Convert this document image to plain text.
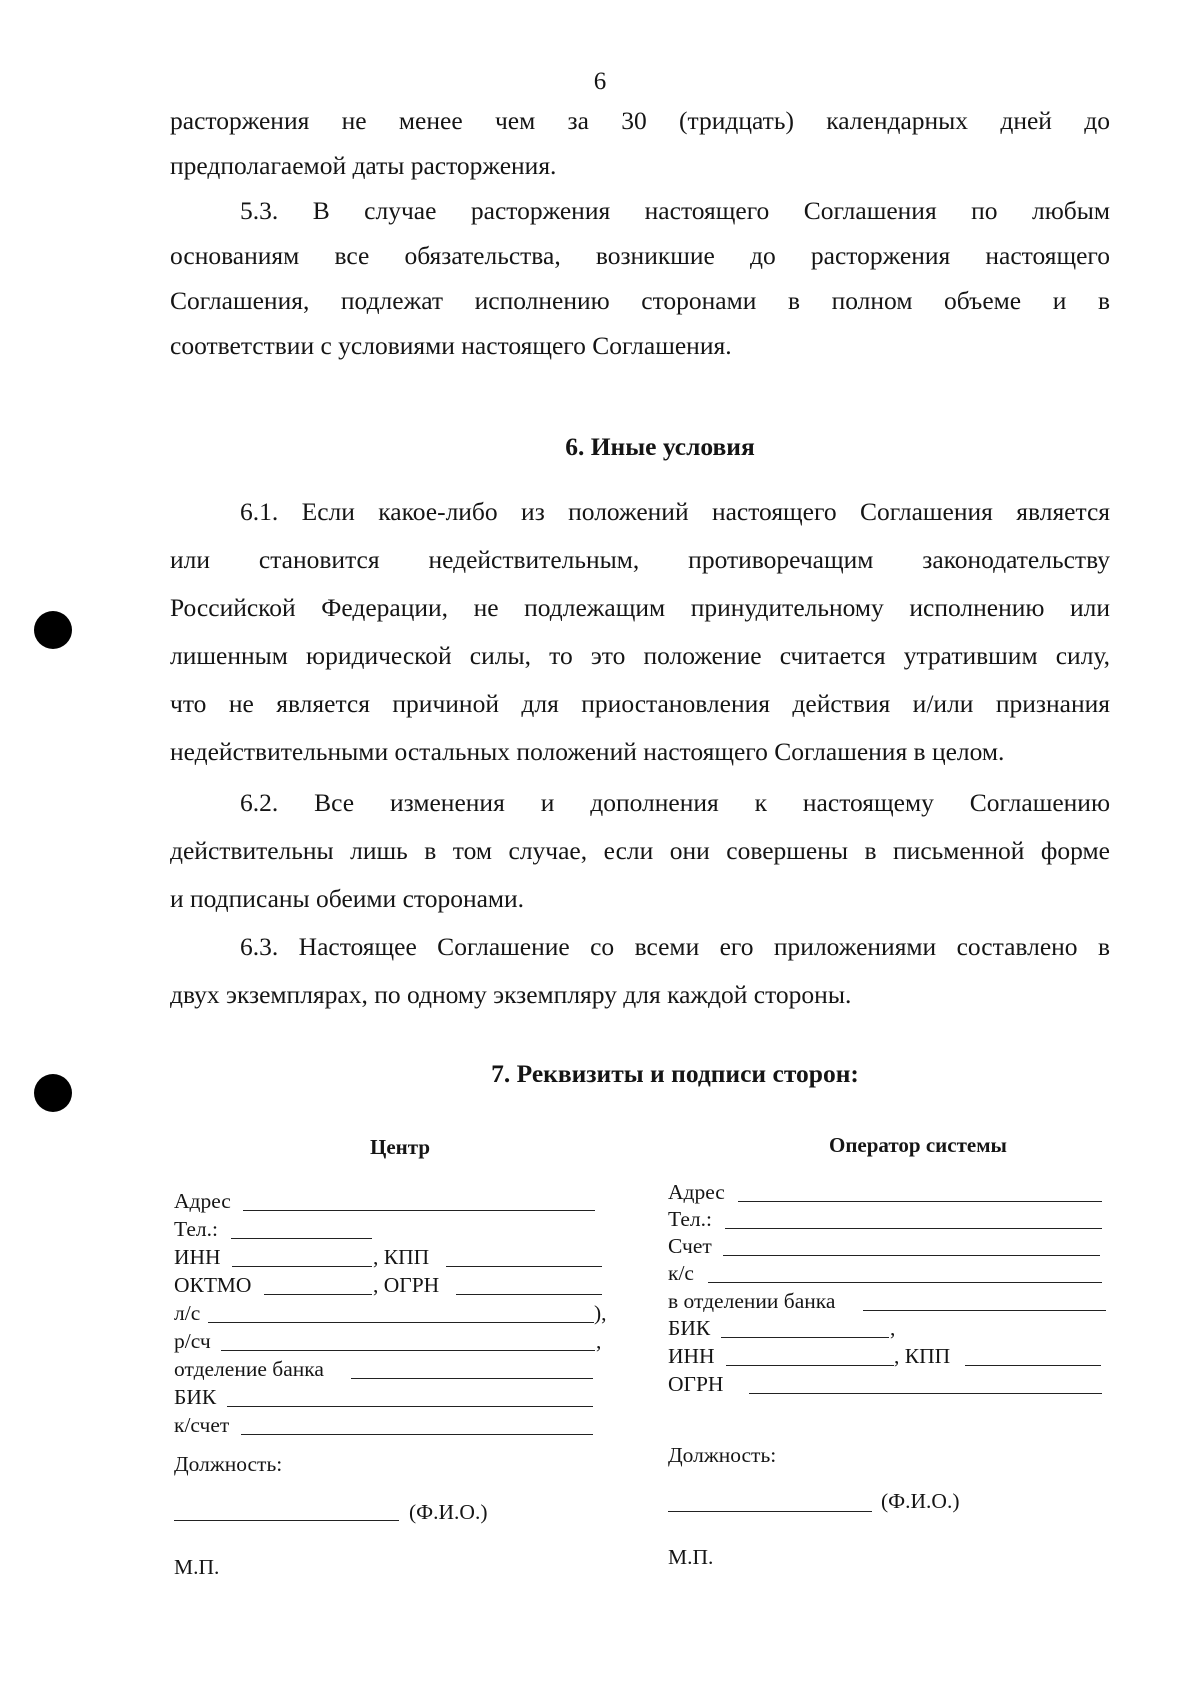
6
расторжения не менее чем за 30 (тридцать) календарных дней до
предполагаемой даты расторжения.
5.3. В случае расторжения настоящего Соглашения по любым
основаниям все обязательства, возникшие до расторжения настоящего
Соглашения, подлежат исполнению сторонами в полном объеме и в
соответствии с условиями настоящего Соглашения.
6. Иные условия
6.1. Если какое-либо из положений настоящего Соглашения является
или становится недействительным, противоречащим законодательству
Российской Федерации, не подлежащим принудительному исполнению или
лишенным юридической силы, то это положение считается утратившим силу,
что не является причиной для приостановления действия и/или признания
недействительными остальных положений настоящего Соглашения в целом.
6.2. Все изменения и дополнения к настоящему Соглашению
действительны лишь в том случае, если они совершены в письменной форме
и подписаны обеими сторонами.
6.3. Настоящее Соглашение со всеми его приложениями составлено в
двух экземплярах, по одному экземпляру для каждой стороны.
7. Реквизиты и подписи сторон:
Центр
Адрес
Тел.:
ИНН	, КПП
ОКТМО	, ОГРН
л/с	),
р/сч	,
отделение банка
БИК
к/счет
Должность:
(Ф.И.О.)
М.П.
Оператор системы
Адрес
Тел.:
Счет
к/с
в отделении банка
БИК	,
ИНН	, КПП
ОГРН
Должность:
(Ф.И.О.)
М.П.
